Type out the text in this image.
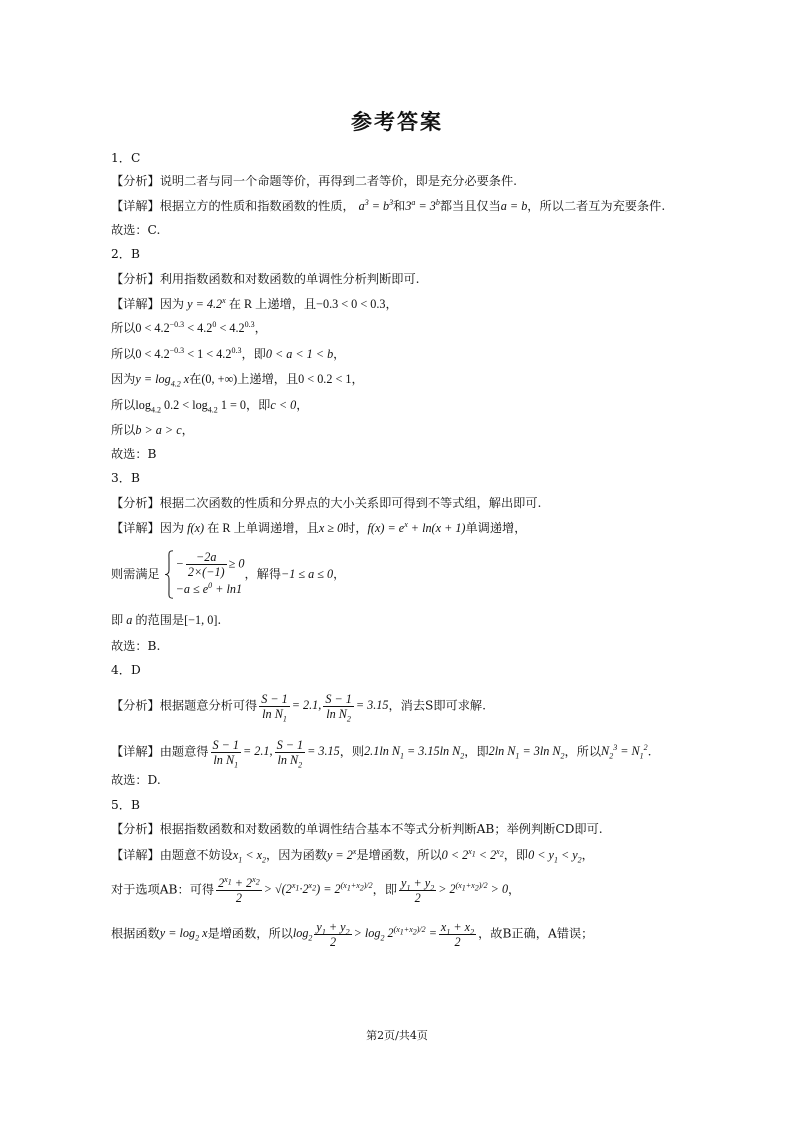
参考答案
1．C
【分析】说明二者与同一个命题等价，再得到二者等价，即是充分必要条件.
【详解】根据立方的性质和指数函数的性质， $a^3 = b^3$和$3^a = 3^b$都当且仅当a = b，所以二者互为充要条件.
故选：C.
2．B
【分析】利用指数函数和对数函数的单调性分析判断即可.
【详解】因为 $y = 4.2^x$ 在 R 上递增，且−0.3 < 0 < 0.3，
所以$0 < 4.2^{-0.3} < 4.2^0 < 4.2^{0.3}$，
所以$0 < 4.2^{-0.3} < 1 < 4.2^{0.3}$，即0 < a < 1 < b，
因为$y = \log_{4.2} x$在(0, +∞)上递增，且0 < 0.2 < 1，
所以$\log_{4.2} 0.2 < \log_{4.2} 1 = 0$，即c < 0，
所以b > a > c，
故选：B
3．B
【分析】根据二次函数的性质和分界点的大小关系即可得到不等式组，解出即可.
【详解】因为 f(x) 在 R 上单调递增，且x ≥ 0时，$f(x) = e^x + \ln(x + 1)$单调递增，
则需满足
− $\frac{-2a}{2\times(-1)} \ge 0$
$-a \le e^0 + \ln 1$
，解得−1 ≤ a ≤ 0，
即 a 的范围是[−1, 0].
故选：B.
4．D
【分析】根据题意分析可得 $\frac{S - 1}{\ln N_1} = 2.1$, $\frac{S - 1}{\ln N_2} = 3.15$，消去S即可求解.
【详解】由题意得 $\frac{S - 1}{\ln N_1} = 2.1$, $\frac{S - 1}{\ln N_2} = 3.15$，则2.1ln $N_1 = 3.15\ln$ $N_2$，即2ln $N_1 = 3\ln$ $N_2$，所以$N_2^3 = N_1^2$.
故选：D.
5．B
【分析】根据指数函数和对数函数的单调性结合基本不等式分析判断AB；举例判断CD即可.
【详解】由题意不妨设$x_1 < x_2$，因为函数$y = 2^x$是增函数，所以$0 < 2^{x_1} < 2^{x_2}$，即$0 < y_1 < y_2$，
对于选项AB：可得 $\frac{2^{x_1} + 2^{x_2}}{2} > √(2^{x_1}\cdot 2^{x_2}) = 2^{(x_1+x_2)/2}$，即 $\frac{y_1 + y_2}{2} > 2^{(x_1+x_2)/2} > 0$，
根据函数$y = \log_2 x$是增函数，所以$\log_2 \frac{y_1 + y_2}{2} > \log_2 2^{(x_1+x_2)/2} = \frac{x_1 + x_2}{2}$ ，故B正确，A错误；
第2页/共4页
